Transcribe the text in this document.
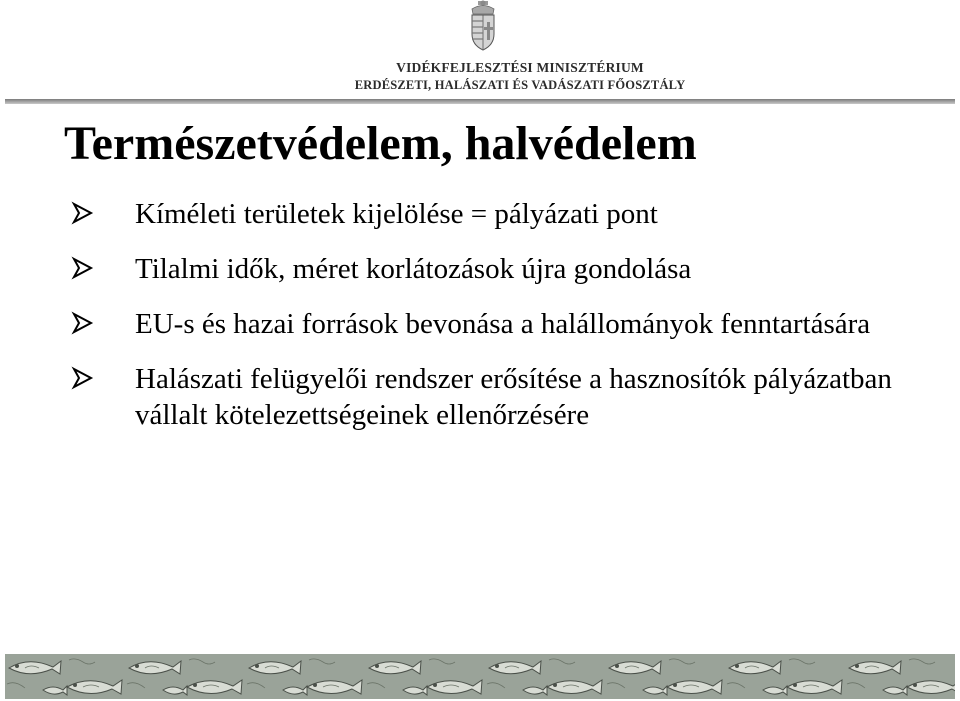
VIDÉKFEJLESZTÉSI MINISZTÉRIUM
ERDÉSZETI, HALÁSZATI ÉS VADÁSZATI FŐOSZTÁLY
Természetvédelem, halvédelem
Kíméleti területek kijelölése = pályázati pont
Tilalmi idők, méret korlátozások újra gondolása
EU-s és hazai források bevonása a halállományok fenntartására
Halászati felügyelői rendszer erősítése a hasznosítók pályázatban vállalt kötelezettségeinek ellenőrzésére
